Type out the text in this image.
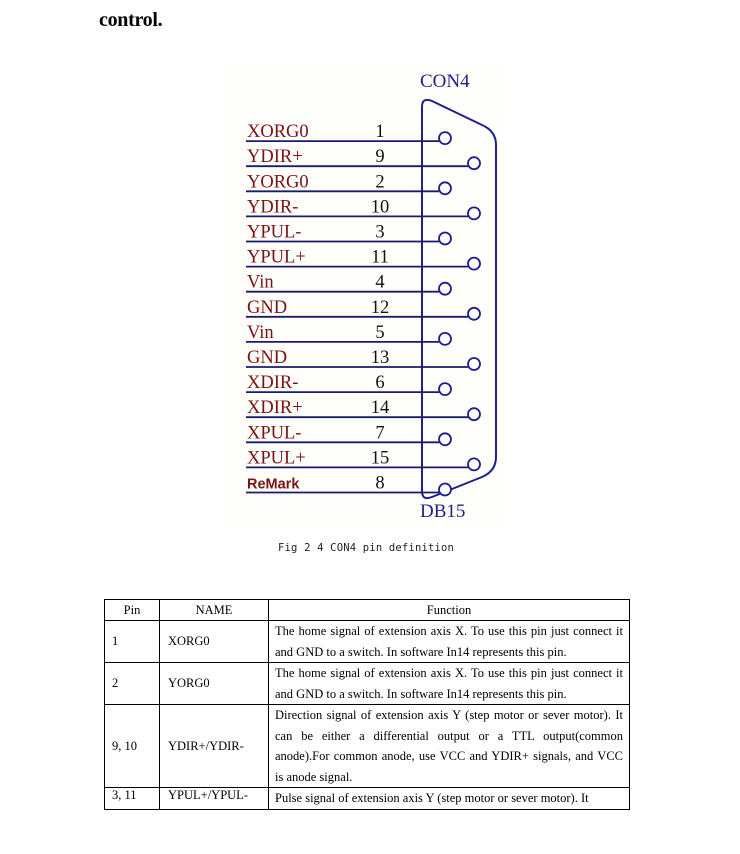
control.
CON4
DB15
XORG0	1
YDIR+	9
YORG0	2
YDIR-	10
YPUL-	3
YPUL+	11
Vin	4
GND	12
Vin	5
GND	13
XDIR-	6
XDIR+	14
XPUL-	7
XPUL+	15
ReMark	8
Fig 2 4 CON4 pin definition
Pin	NAME	Function
1	XORG0	The home signal of extension axis X. To use this pin just connect it and GND to a switch. In software In14 represents this pin.
2	YORG0	The home signal of extension axis X. To use this pin just connect it and GND to a switch. In software In14 represents this pin.
9, 10	YDIR+/YDIR-	Direction signal of extension axis Y (step motor or sever motor). It can be either a differential output or a TTL output(common anode).For common anode, use VCC and YDIR+ signals, and VCC is anode signal.
3, 11	YPUL+/YPUL-	Pulse signal of extension axis Y (step motor or sever motor). It
